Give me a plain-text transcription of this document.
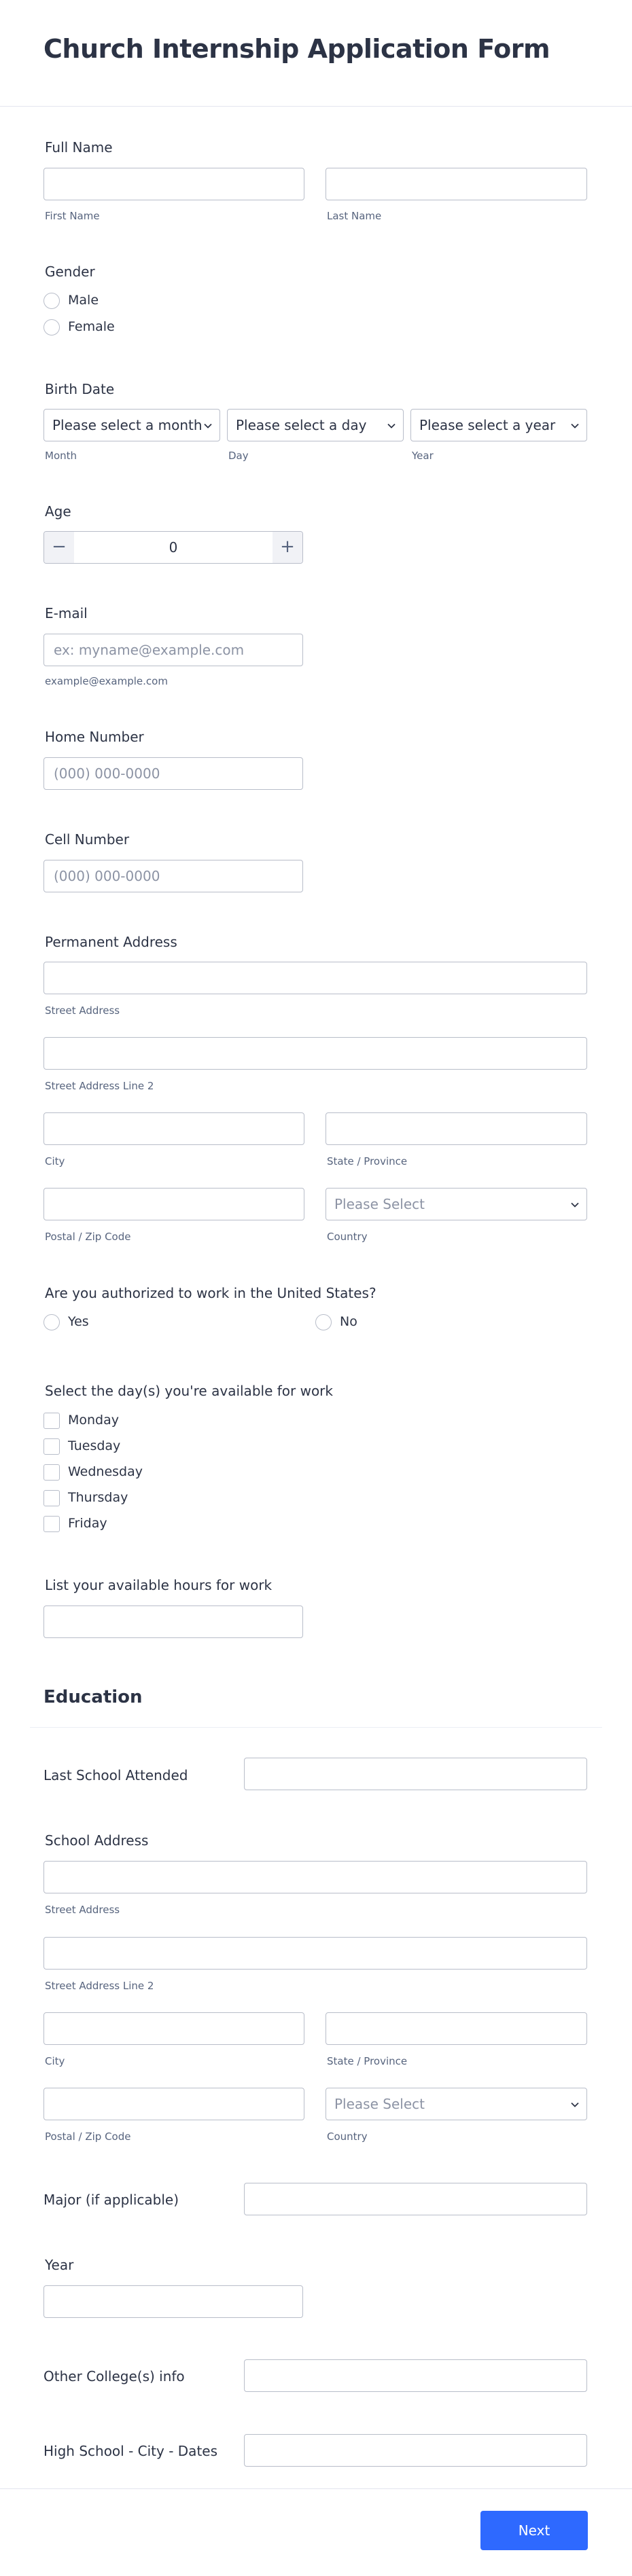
Church Internship Application Form
Full Name
First Name	Last Name
Gender
Male
Female
Birth Date
Please select a month	Please select a day	Please select a year
Month	Day	Year
Age
−	0	+
E-mail
ex: myname@example.com
example@example.com
Home Number
(000) 000-0000
Cell Number
(000) 000-0000
Permanent Address
Street Address
Street Address Line 2
City	State / Province
Please Select
Postal / Zip Code	Country
Are you authorized to work in the United States?
Yes	No
Select the day(s) you're available for work
Monday
Tuesday
Wednesday
Thursday
Friday
List your available hours for work
Education
Last School Attended
School Address
Street Address
Street Address Line 2
City	State / Province
Please Select
Postal / Zip Code	Country
Major (if applicable)
Year
Other College(s) info
High School - City - Dates
Next
